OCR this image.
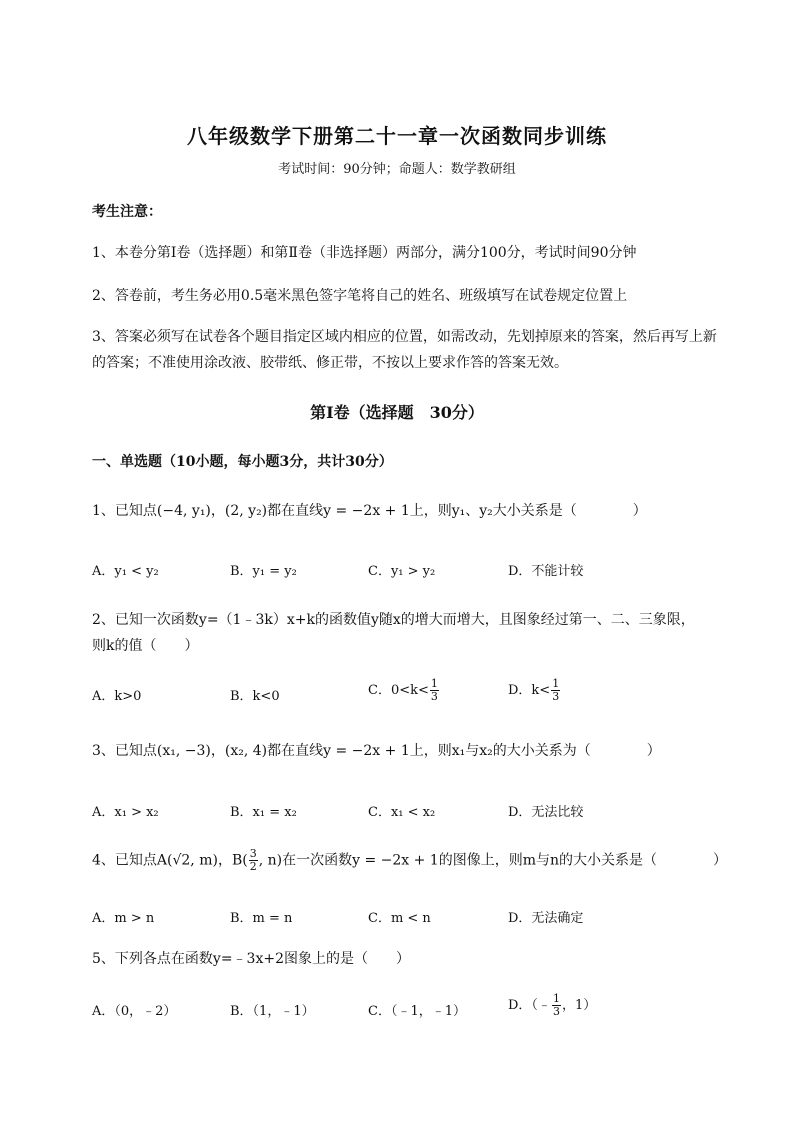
八年级数学下册第二十一章一次函数同步训练
考试时间：90分钟；命题人：数学教研组
考生注意：
1、本卷分第I卷（选择题）和第Ⅱ卷（非选择题）两部分，满分100分，考试时间90分钟
2、答卷前，考生务必用0.5毫米黑色签字笔将自己的姓名、班级填写在试卷规定位置上
3、答案必须写在试卷各个题目指定区域内相应的位置，如需改动，先划掉原来的答案，然后再写上新
的答案；不准使用涂改液、胶带纸、修正带，不按以上要求作答的答案无效。
第I卷（选择题　30分）
一、单选题（10小题，每小题3分，共计30分）
1、已知点(−4, y₁)，(2, y₂)都在直线y = −2x + 1上，则y₁、y₂大小关系是（　　　　）
A．y₁ < y₂	B．y₁ = y₂	C．y₁ > y₂	D．不能计较
2、已知一次函数y=（1﹣3k）x+k的函数值y随x的增大而增大，且图象经过第一、二、三象限，
则k的值（　　）
A．k>0	B．k<0	C．$0<k< \frac{1}{3}$	D．$k< \frac{1}{3}$
3、已知点(x₁, −3)，(x₂, 4)都在直线y = −2x + 1上，则x₁与x₂的大小关系为（　　　　）
A．x₁ > x₂	B．x₁ = x₂	C．x₁ < x₂	D．无法比较
4、已知点A(√2, m)，$B( \frac{3}{2}$ , n)在一次函数y = −2x + 1的图像上，则m与n的大小关系是（　　　　）
A．m > n	B．m = n	C．m < n	D．无法确定
5、下列各点在函数y=﹣3x+2图象上的是（　　）
A．（0，﹣2）	B．（1，﹣1）	C．（﹣1，﹣1）	D．（﹣ $\frac{1}{3}$ ，1）
